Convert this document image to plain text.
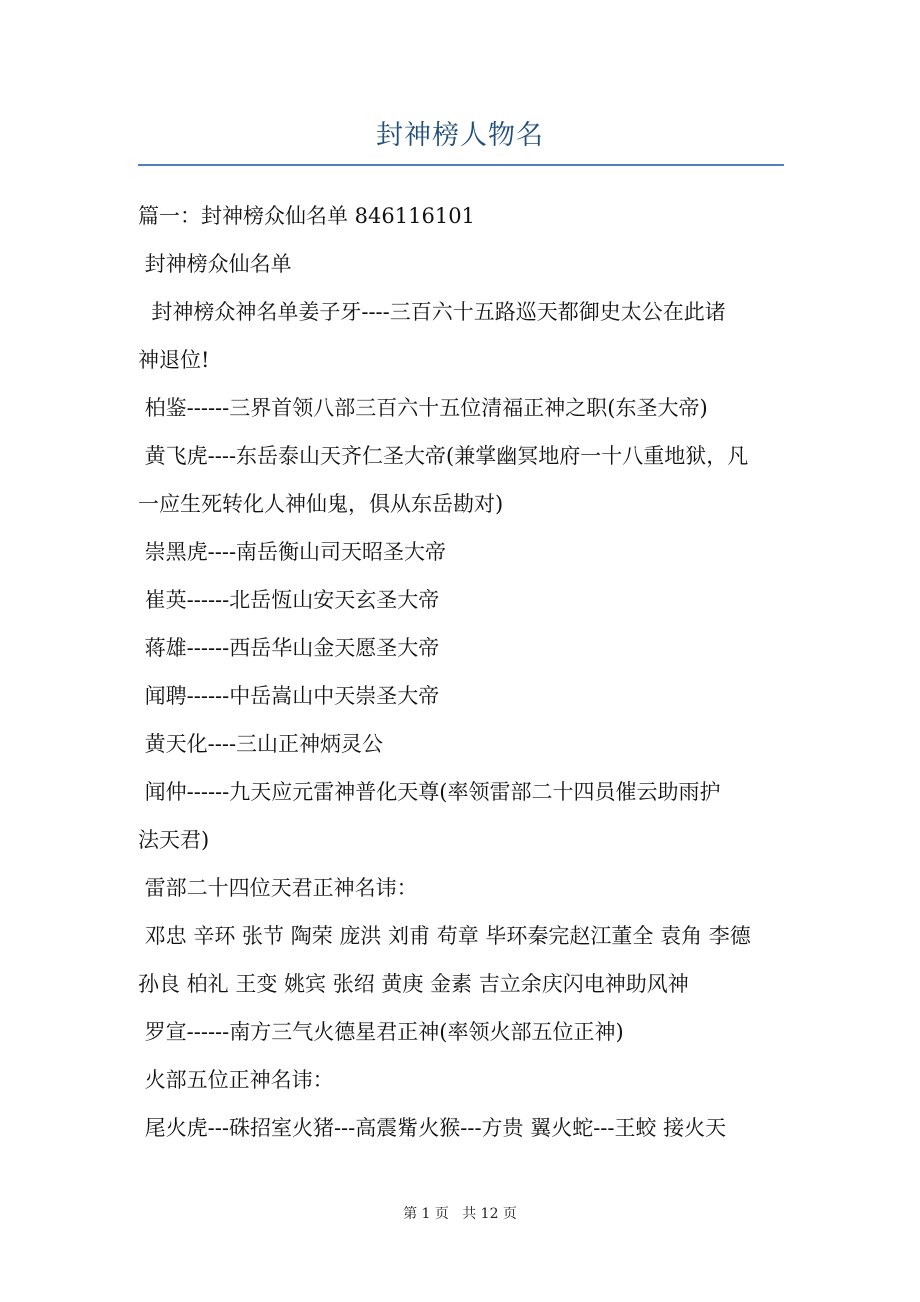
封神榜人物名
篇一：封神榜众仙名单 846116101
封神榜众仙名单
封神榜众神名单姜子牙----三百六十五路巡天都御史太公在此诸
神退位!
柏鉴------三界首领八部三百六十五位清福正神之职(东圣大帝)
黄飞虎----东岳泰山天齐仁圣大帝(兼掌幽冥地府一十八重地狱，凡
一应生死转化人神仙鬼，俱从东岳勘对)
崇黑虎----南岳衡山司天昭圣大帝
崔英------北岳恆山安天玄圣大帝
蒋雄------西岳华山金天愿圣大帝
闻聘------中岳嵩山中天崇圣大帝
黄天化----三山正神炳灵公
闻仲------九天应元雷神普化天尊(率领雷部二十四员催云助雨护
法天君)
雷部二十四位天君正神名讳：
邓忠 辛环 张节 陶荣 庞洪 刘甫 苟章 毕环秦完赵江董全 袁角 李德
孙良 柏礼 王变 姚宾 张绍 黄庚 金素 吉立余庆闪电神助风神
罗宣------南方三气火德星君正神(率领火部五位正神)
火部五位正神名讳：
尾火虎---硃招室火猪---高震觜火猴---方贵 翼火蛇---王蛟 接火天
第 1 页   共 12 页
